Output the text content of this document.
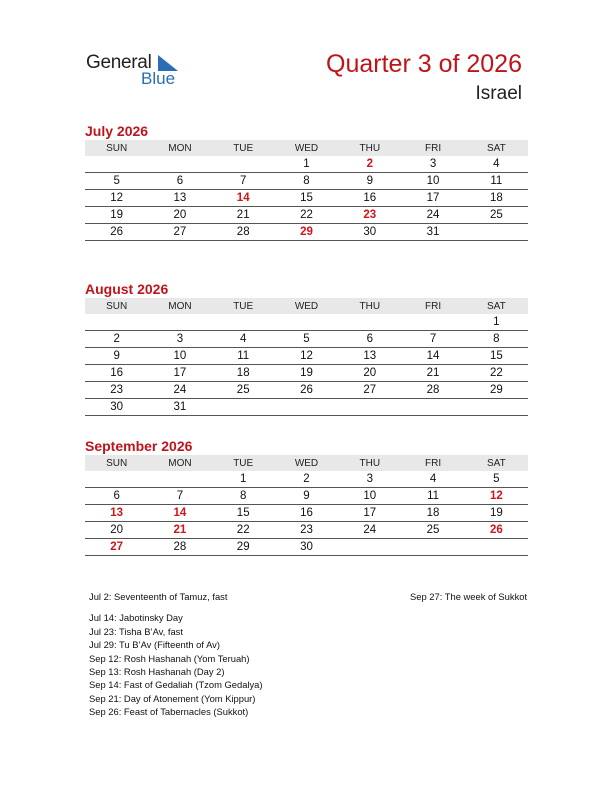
General
Blue
Quarter 3 of 2026
Israel
July 2026
SUN	MON	TUE	WED	THU	FRI	SAT
			1	2	3	4
5	6	7	8	9	10	11
12	13	14	15	16	17	18
19	20	21	22	23	24	25
26	27	28	29	30	31	
August 2026
SUN	MON	TUE	WED	THU	FRI	SAT
						1
2	3	4	5	6	7	8
9	10	11	12	13	14	15
16	17	18	19	20	21	22
23	24	25	26	27	28	29
30	31					
September 2026
SUN	MON	TUE	WED	THU	FRI	SAT
		1	2	3	4	5
6	7	8	9	10	11	12
13	14	15	16	17	18	19
20	21	22	23	24	25	26
27	28	29	30			
Jul 2: Seventeenth of Tamuz, fast
Jul 14: Jabotinsky Day
Jul 23: Tisha B’Av, fast
Jul 29: Tu B’Av (Fifteenth of Av)
Sep 12: Rosh Hashanah (Yom Teruah)
Sep 13: Rosh Hashanah (Day 2)
Sep 14: Fast of Gedaliah (Tzom Gedalya)
Sep 21: Day of Atonement (Yom Kippur)
Sep 26: Feast of Tabernacles (Sukkot)
Sep 27: The week of Sukkot
